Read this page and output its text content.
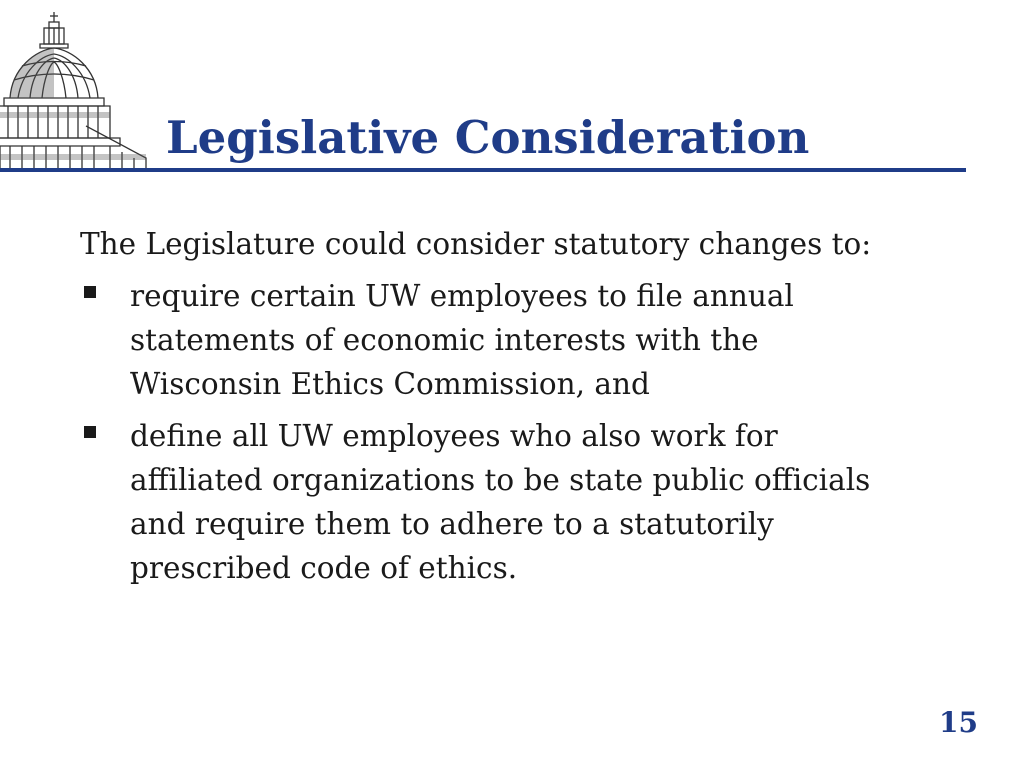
Legislative Consideration

The Legislature could consider statutory changes to:

require certain UW employees to file annual statements of economic interests with the Wisconsin Ethics Commission, and
define all UW employees who also work for affiliated organizations to be state public officials and require them to adhere to a statutorily prescribed code of ethics.
15
